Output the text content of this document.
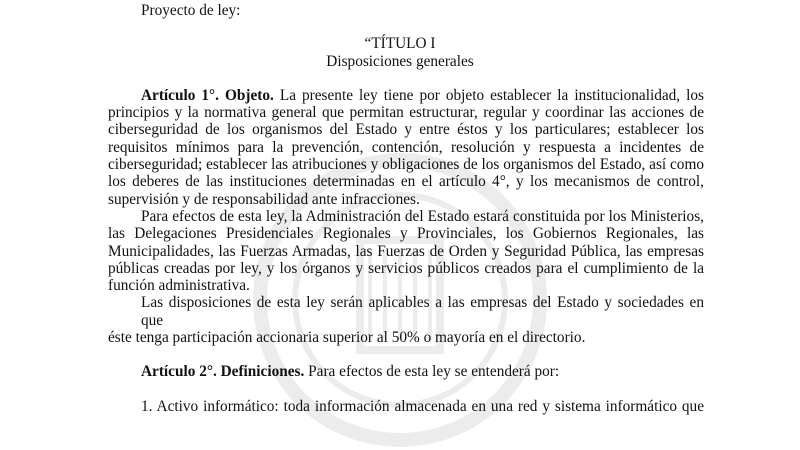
Proyecto de ley:
“TÍTULO I
Disposiciones generales
Artículo 1°. Objeto. La presente ley tiene por objeto establecer la institucionalidad, los
principios y la normativa general que permitan estructurar, regular y coordinar las acciones de
ciberseguridad de los organismos del Estado y entre éstos y los particulares; establecer los
requisitos mínimos para la prevención, contención, resolución y respuesta a incidentes de
ciberseguridad; establecer las atribuciones y obligaciones de los organismos del Estado, así como
los deberes de las instituciones determinadas en el artículo 4°, y los mecanismos de control,
supervisión y de responsabilidad ante infracciones.
Para efectos de esta ley, la Administración del Estado estará constituida por los Ministerios,
las Delegaciones Presidenciales Regionales y Provinciales, los Gobiernos Regionales, las
Municipalidades, las Fuerzas Armadas, las Fuerzas de Orden y Seguridad Pública, las empresas
públicas creadas por ley, y los órganos y servicios públicos creados para el cumplimiento de la
función administrativa.
Las disposiciones de esta ley serán aplicables a las empresas del Estado y sociedades en que
éste tenga participación accionaria superior al 50% o mayoría en el directorio.
Artículo 2°. Definiciones. Para efectos de esta ley se entenderá por:
1. Activo informático: toda información almacenada en una red y sistema informático que
